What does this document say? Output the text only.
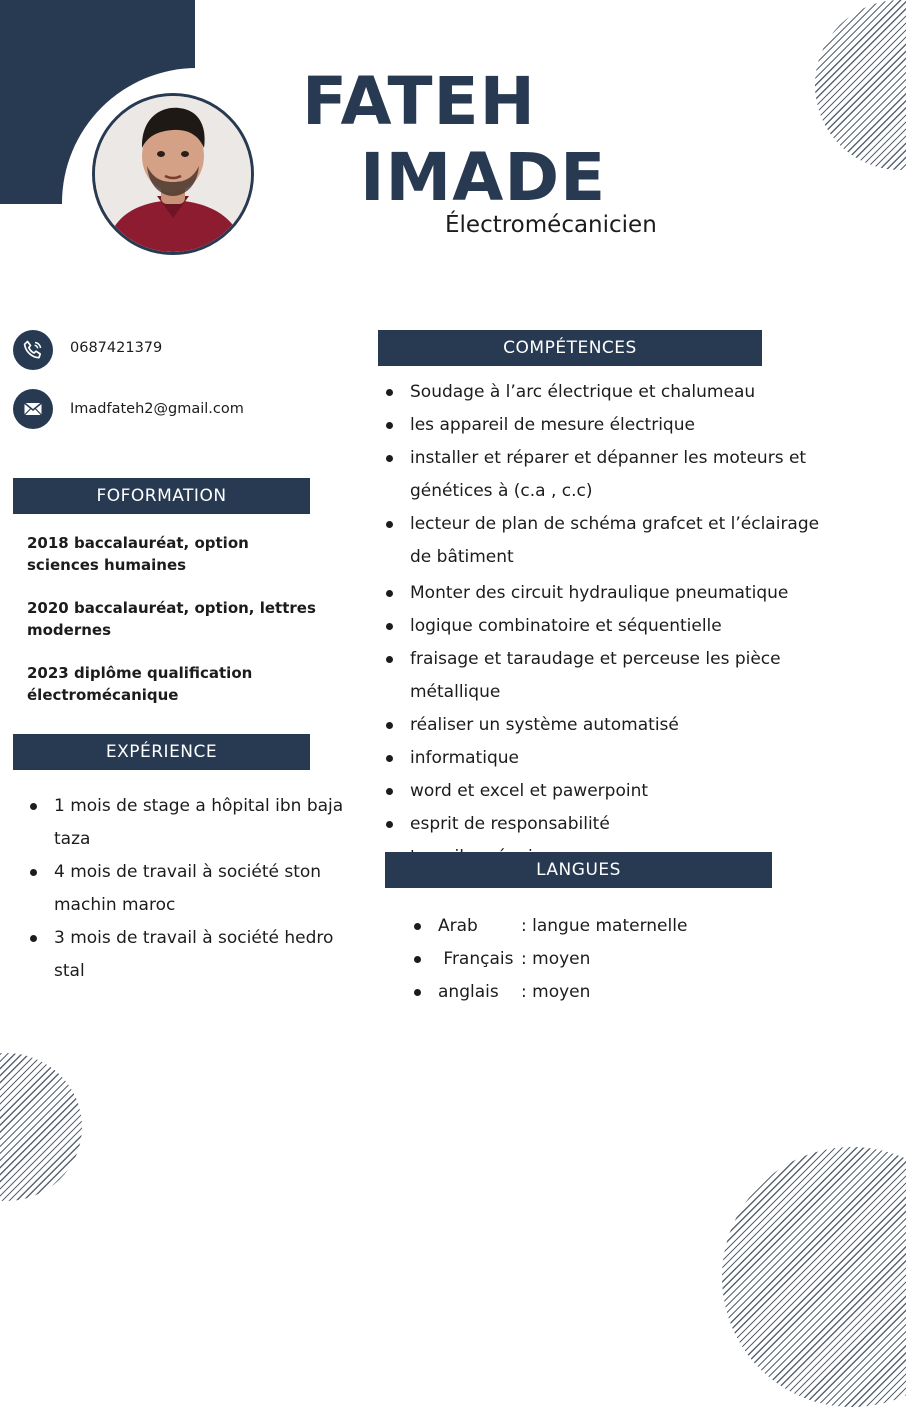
FATEH
IMADE
Électromécanicien
0687421379
Imadfateh2@gmail.com
FOFORMATION
2018 baccalauréat, option sciences humaines
2020 baccalauréat, option, lettres modernes
2023 diplôme qualification électromécanique
EXPÉRIENCE
1 mois de stage a hôpital ibn baja taza
4 mois de travail à société ston machin maroc
3 mois de travail à société hedro stal
COMPÉTENCES
Soudage à l’arc électrique et chalumeau
les appareil de mesure électrique
installer et réparer et dépanner les moteurs et génétices à (c.a , c.c)
lecteur de plan de schéma grafcet et l’éclairage de bâtiment
Monter des circuit hydraulique pneumatique
logique combinatoire et séquentielle
fraisage et taraudage et perceuse les pièce métallique
réaliser un système automatisé
informatique
word et excel et pawerpoint
esprit de responsabilité
LANGUES
Arab	: langue maternelle
Français : moyen
anglais : moyen
